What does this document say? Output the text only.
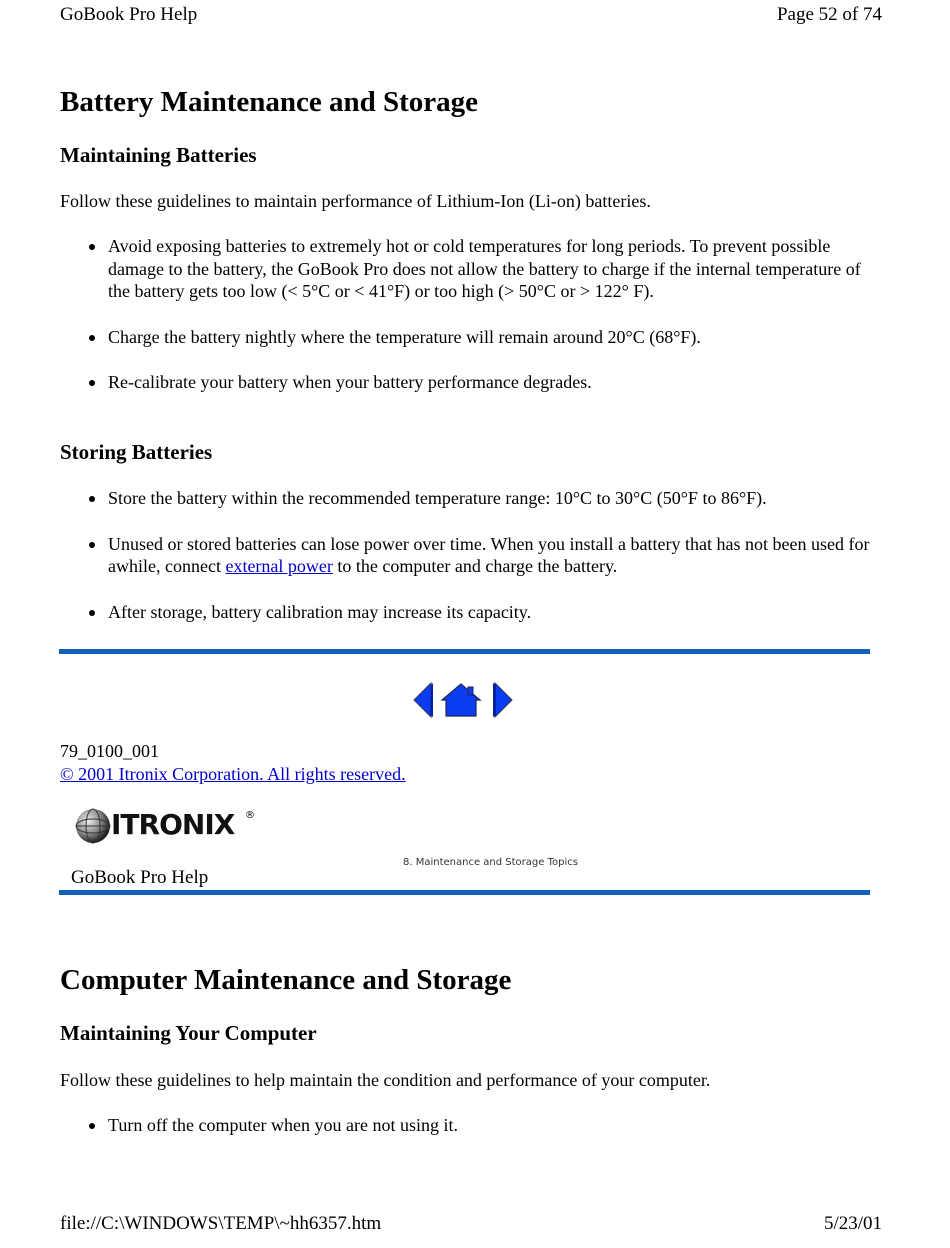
GoBook Pro Help	Page 52 of 74
Battery Maintenance and Storage
Maintaining Batteries
Follow these guidelines to maintain performance of Lithium-Ion (Li-on) batteries.
Avoid exposing batteries to extremely hot or cold temperatures for long periods. To prevent possible damage to the battery, the GoBook Pro does not allow the battery to charge if the internal temperature of the battery gets too low (< 5°C or < 41°F) or too high (> 50°C or > 122° F).
Charge the battery nightly where the temperature will remain around 20°C (68°F).
Re-calibrate your battery when your battery performance degrades.
Storing Batteries
Store the battery within the recommended temperature range: 10°C to 30°C (50°F to 86°F).
Unused or stored batteries can lose power over time. When you install a battery that has not been used for awhile, connect external power to the computer and charge the battery.
After storage, battery calibration may increase its capacity.
79_0100_001
© 2001 Itronix Corporation. All rights reserved.
ITRONIX ®
8. Maintenance and Storage Topics
GoBook Pro Help
Computer Maintenance and Storage
Maintaining Your Computer
Follow these guidelines to help maintain the condition and performance of your computer.
Turn off the computer when you are not using it.
file://C:\WINDOWS\TEMP\~hh6357.htm	5/23/01
